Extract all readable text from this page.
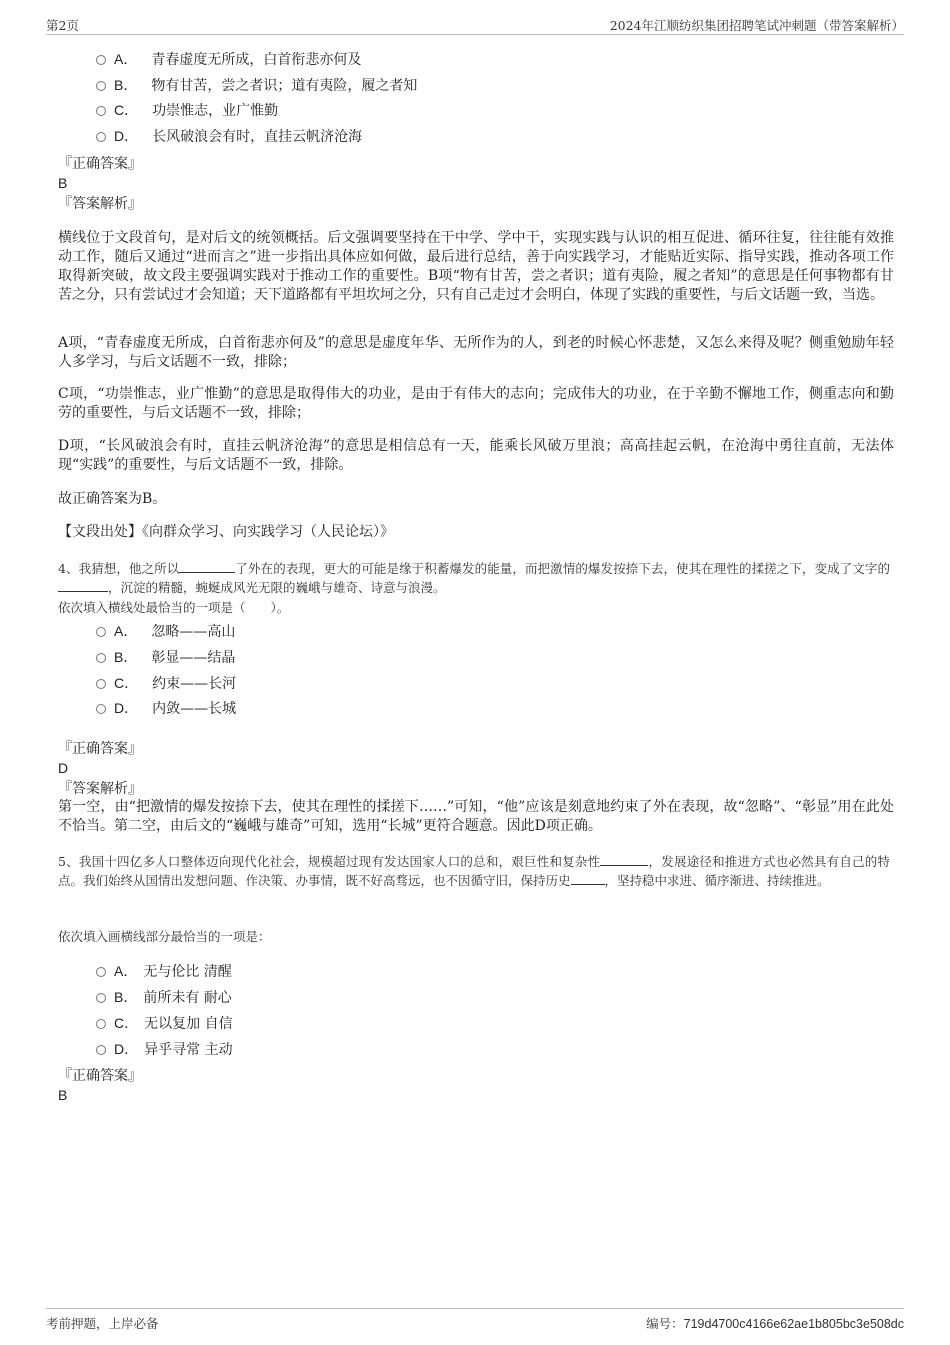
第2页	2024年江顺纺织集团招聘笔试冲刺题（带答案解析）
A． 青春虚度无所成，白首衔悲亦何及
B． 物有甘苦，尝之者识；道有夷险，履之者知
C． 功崇惟志，业广惟勤
D． 长风破浪会有时，直挂云帆济沧海
『正确答案』
B
『答案解析』
横线位于文段首句，是对后文的统领概括。后文强调要坚持在干中学、学中干，实现实践与认识的相互促进、循环往复，往往能有效推动工作，随后又通过“进而言之”进一步指出具体应如何做，最后进行总结，善于向实践学习，才能贴近实际、指导实践，推动各项工作取得新突破，故文段主要强调实践对于推动工作的重要性。B项“物有甘苦，尝之者识；道有夷险，履之者知”的意思是任何事物都有甘苦之分，只有尝试过才会知道；天下道路都有平坦坎坷之分，只有自己走过才会明白，体现了实践的重要性，与后文话题一致，当选。
A项，“青春虚度无所成，白首衔悲亦何及”的意思是虚度年华、无所作为的人，到老的时候心怀悲楚，又怎么来得及呢？侧重勉励年轻人多学习，与后文话题不一致，排除；
C项，“功崇惟志，业广惟勤”的意思是取得伟大的功业，是由于有伟大的志向；完成伟大的功业，在于辛勤不懈地工作，侧重志向和勤劳的重要性，与后文话题不一致，排除；
D项，“长风破浪会有时，直挂云帆济沧海”的意思是相信总有一天，能乘长风破万里浪；高高挂起云帆，在沧海中勇往直前，无法体现“实践”的重要性，与后文话题不一致，排除。
故正确答案为B。
【文段出处】《向群众学习、向实践学习（人民论坛）》
4、我猜想，他之所以	了外在的表现，更大的可能是缘于积蓄爆发的能量，而把激情的爆发按捺下去，使其在理性的揉搓之下，变成了文字的，沉淀的精髓，蜿蜒成风光无限的巍峨与雄奇、诗意与浪漫。
依次填入横线处最恰当的一项是（　　）。
A． 忽略——高山
B． 彰显——结晶
C． 约束——长河
D． 内敛——长城
『正确答案』
D
『答案解析』
第一空，由“把激情的爆发按捺下去，使其在理性的揉搓下……”可知，“他”应该是刻意地约束了外在表现，故“忽略”、“彰显”用在此处不恰当。第二空，由后文的“巍峨与雄奇”可知，选用“长城”更符合题意。因此D项正确。
5、我国十四亿多人口整体迈向现代化社会，规模超过现有发达国家人口的总和，艰巨性和复杂性	，发展途径和推进方式也必然具有自己的特点。我们始终从国情出发想问题、作决策、办事情，既不好高骛远，也不因循守旧，保持历史	，坚持稳中求进、循序渐进、持续推进。
依次填入画横线部分最恰当的一项是：
A． 无与伦比 清醒
B． 前所未有 耐心
C． 无以复加 自信
D． 异乎寻常 主动
『正确答案』
B
考前押题，上岸必备	编号：719d4700c4166e62ae1b805bc3e508dc
